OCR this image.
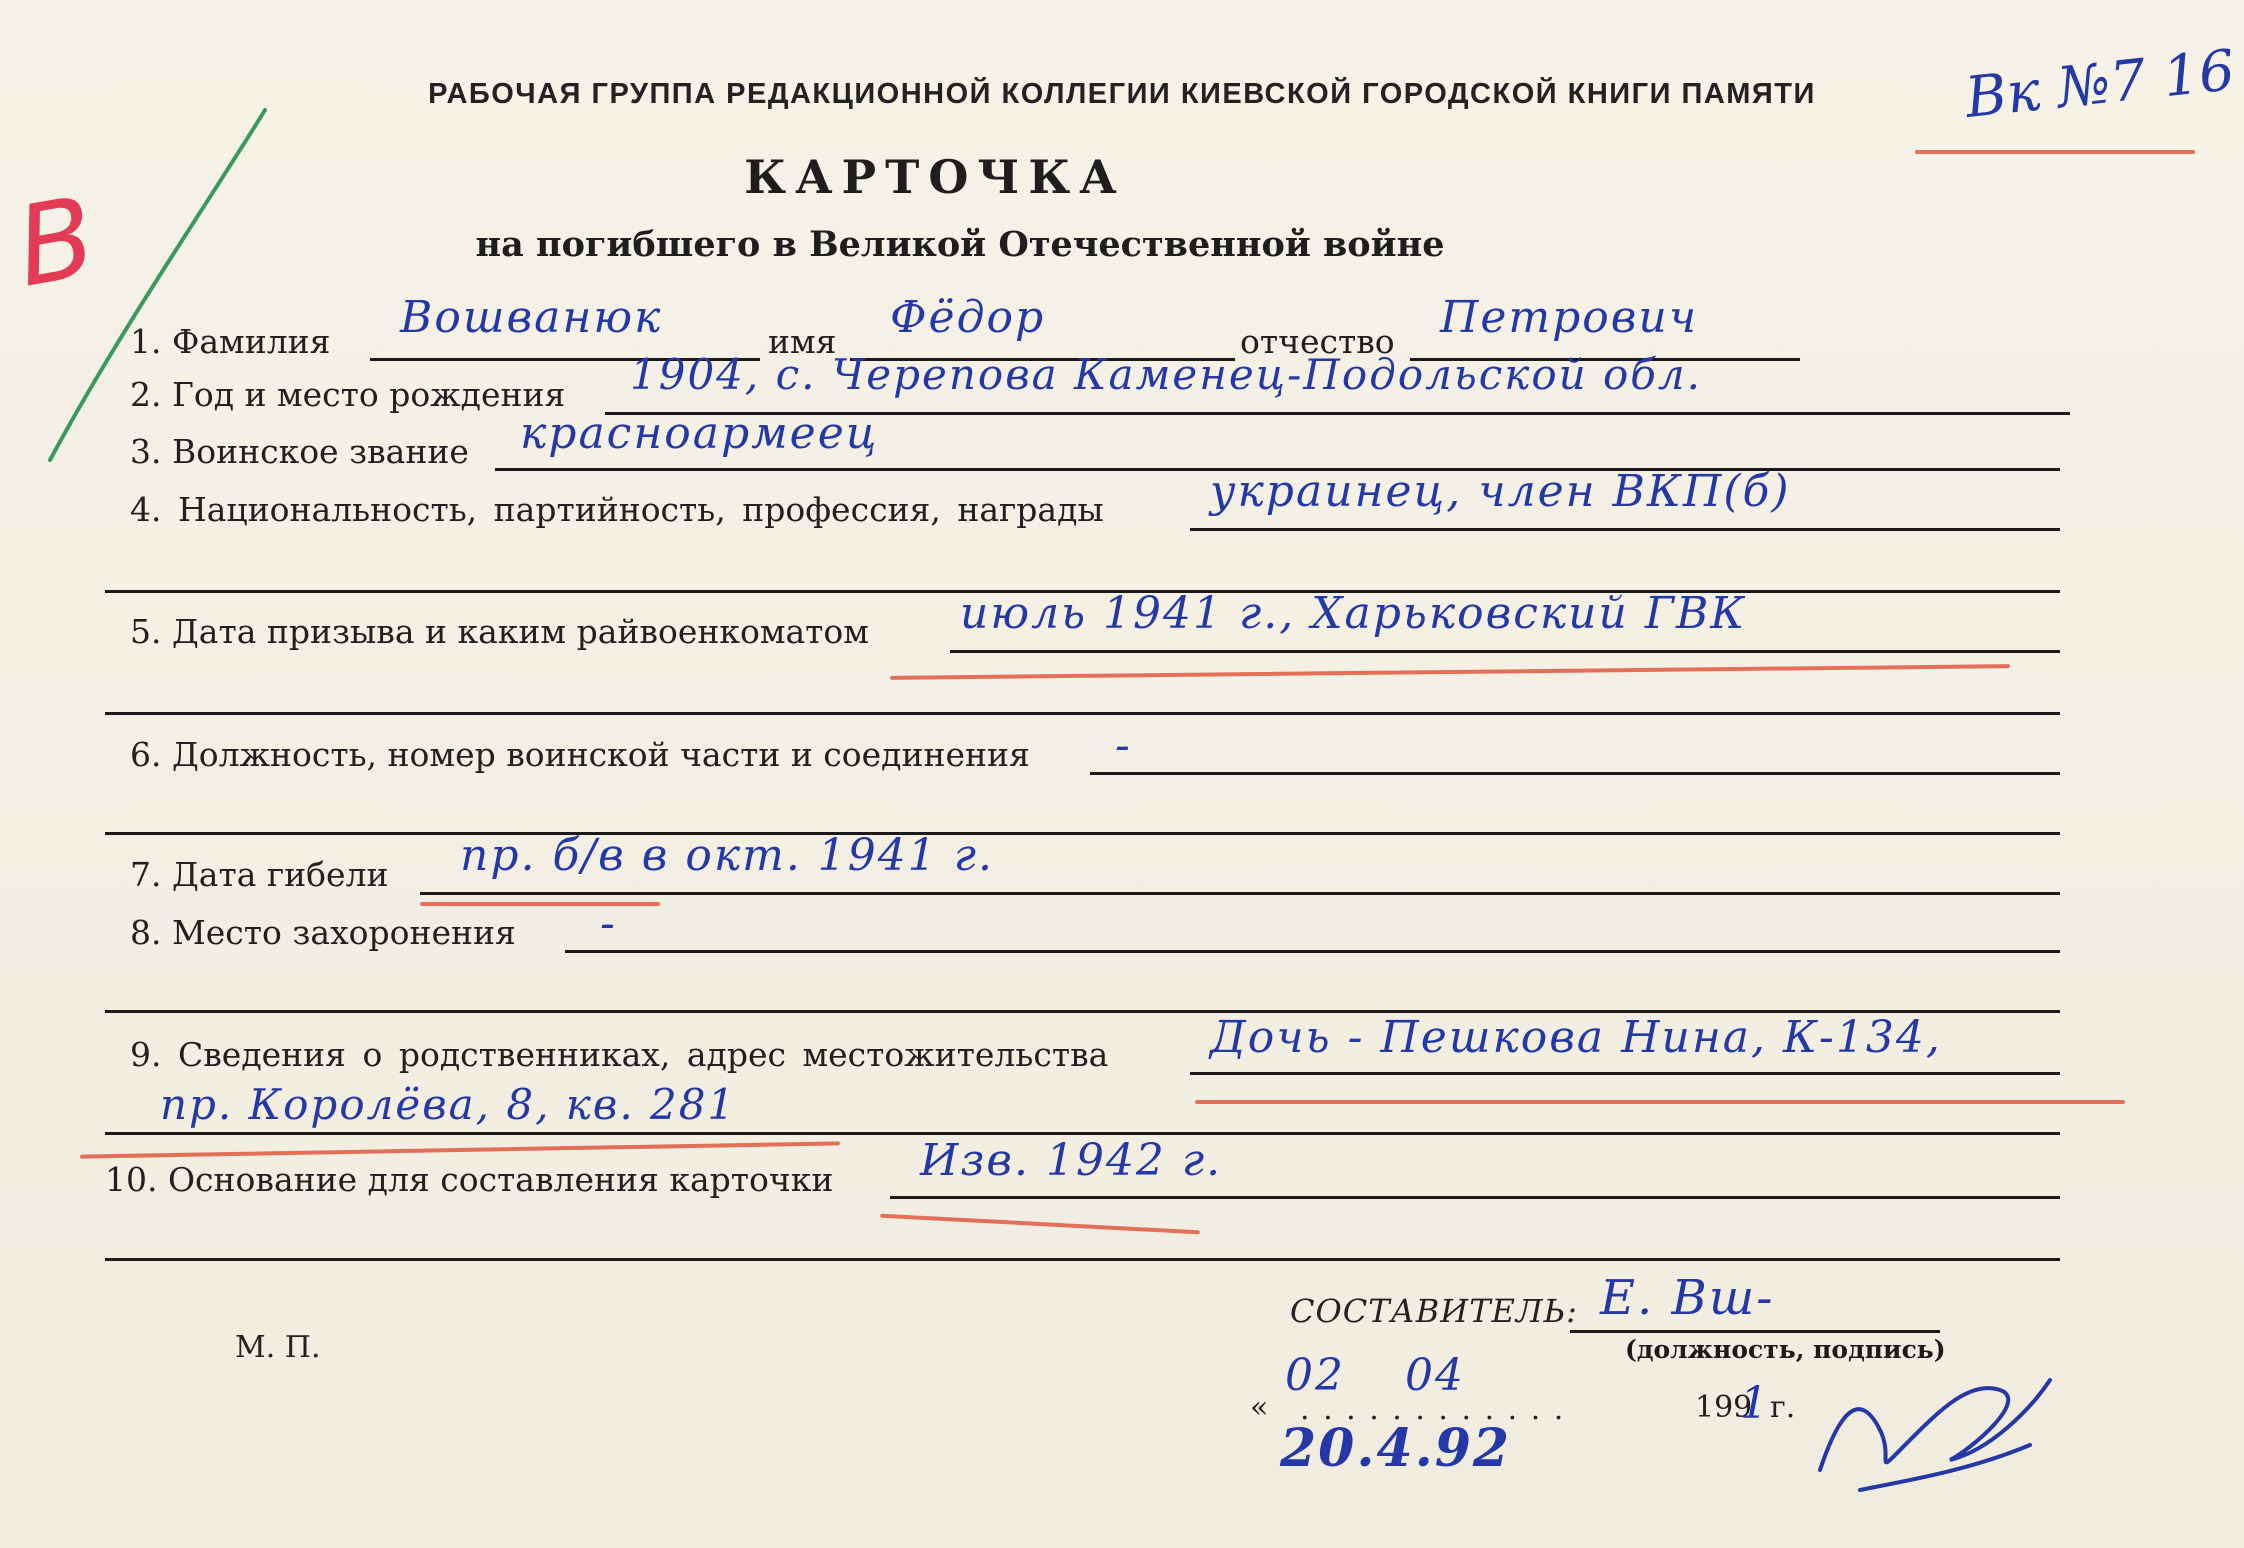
В
РАБОЧАЯ ГРУППА РЕДАКЦИОННОЙ КОЛЛЕГИИ КИЕВСКОЙ ГОРОДСКОЙ КНИГИ ПАМЯТИ	Вк №7 16
КАРТОЧКА
на погибшего в Великой Отечественной войне
1. Фамилия Вошванюк	имя Фёдор	отчество Петрович
2. Год и место рождения 1904, с. Черепова Каменец-Подольской обл.
3. Воинское звание красноармеец
4. Национальность, партийность, профессия, награды украинец, член ВКП(б)
5. Дата призыва и каким райвоенкоматом июль 1941 г., Харьковский ГВК
6. Должность, номер воинской части и соединения -
7. Дата гибели пр. б/в в окт. 1941 г.
8. Место захоронения -
9. Сведения о родственниках, адрес местожительства Дочь - Пешкова Нина, К-134,
пр. Королёва, 8, кв. 281
10. Основание для составления карточки Изв. 1942 г.
М. П.
СОСТАВИТЕЛЬ: Е. Вш-
(должность, подпись)
«
02 04
. . . . . . . . . . . .	199
1 г.
20.4.92
